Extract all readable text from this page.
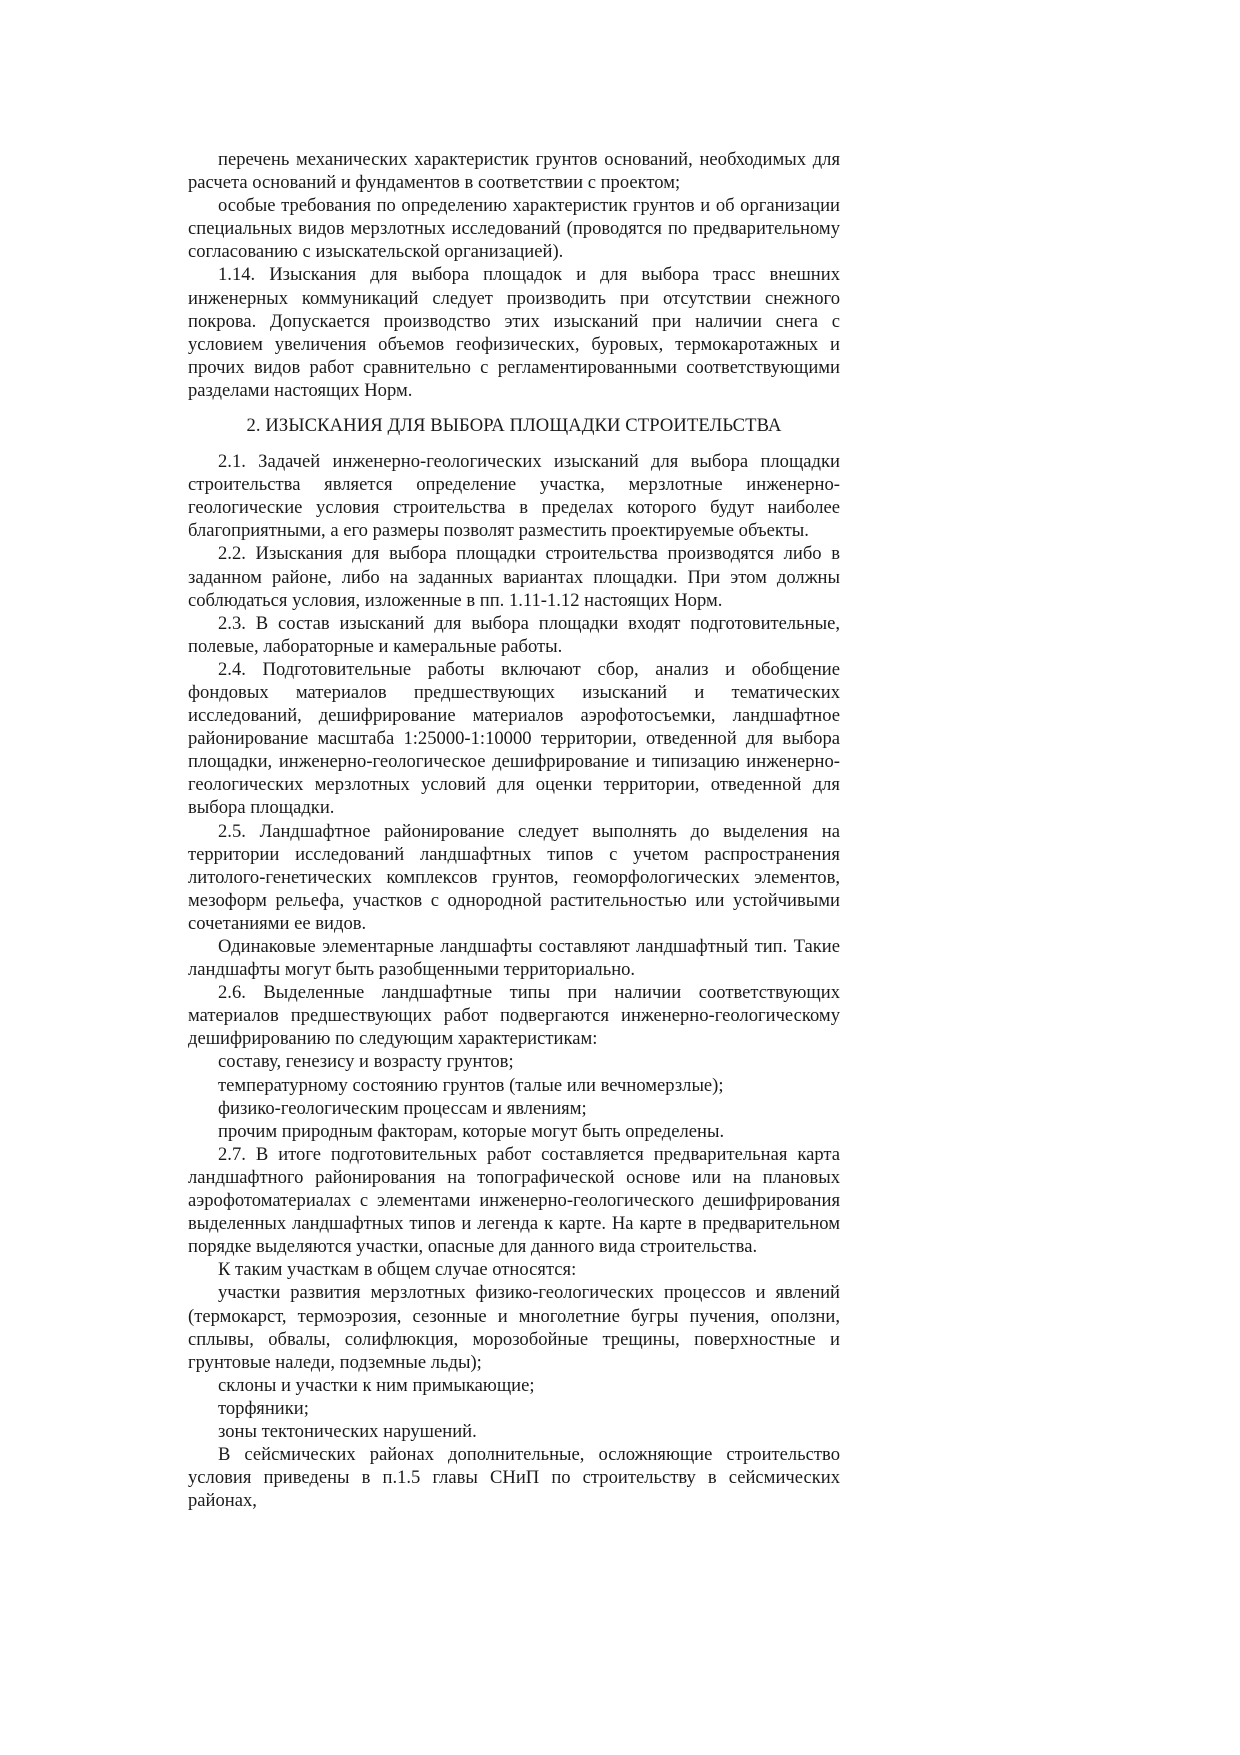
перечень механических характеристик грунтов оснований, необходимых для расчета оснований и фундаментов в соответствии с проектом;

особые требования по определению характеристик грунтов и об организации специальных видов мерзлотных исследований (проводятся по предварительному согласованию с изыскательской организацией).

1.14. Изыскания для выбора площадок и для выбора трасс внешних инженерных коммуникаций следует производить при отсутствии снежного покрова. Допускается производство этих изысканий при наличии снега с условием увеличения объемов геофизических, буровых, термокаротажных и прочих видов работ сравнительно с регламентированными соответствующими разделами настоящих Норм.

2. ИЗЫСКАНИЯ ДЛЯ ВЫБОРА ПЛОЩАДКИ СТРОИТЕЛЬСТВА

2.1. Задачей инженерно-геологических изысканий для выбора площадки строительства является определение участка, мерзлотные инженерно-геологические условия строительства в пределах которого будут наиболее благоприятными, а его размеры позволят разместить проектируемые объекты.

2.2. Изыскания для выбора площадки строительства производятся либо в заданном районе, либо на заданных вариантах площадки. При этом должны соблюдаться условия, изложенные в пп. 1.11-1.12 настоящих Норм.

2.3. В состав изысканий для выбора площадки входят подготовительные, полевые, лабораторные и камеральные работы.

2.4. Подготовительные работы включают сбор, анализ и обобщение фондовых материалов предшествующих изысканий и тематических исследований, дешифрирование материалов аэрофотосъемки, ландшафтное районирование масштаба 1:25000-1:10000 территории, отведенной для выбора площадки, инженерно-геологическое дешифрирование и типизацию инженерно-геологических мерзлотных условий для оценки территории, отведенной для выбора площадки.

2.5. Ландшафтное районирование следует выполнять до выделения на территории исследований ландшафтных типов с учетом распространения литолого-генетических комплексов грунтов, геоморфологических элементов, мезоформ рельефа, участков с однородной растительностью или устойчивыми сочетаниями ее видов.

Одинаковые элементарные ландшафты составляют ландшафтный тип. Такие ландшафты могут быть разобщенными территориально.

2.6. Выделенные ландшафтные типы при наличии соответствующих материалов предшествующих работ подвергаются инженерно-геологическому дешифрированию по следующим характеристикам:

составу, генезису и возрасту грунтов;

температурному состоянию грунтов (талые или вечномерзлые);

физико-геологическим процессам и явлениям;

прочим природным факторам, которые могут быть определены.

2.7. В итоге подготовительных работ составляется предварительная карта ландшафтного районирования на топографической основе или на плановых аэрофотоматериалах с элементами инженерно-геологического дешифрирования выделенных ландшафтных типов и легенда к карте. На карте в предварительном порядке выделяются участки, опасные для данного вида строительства.

К таким участкам в общем случае относятся:

участки развития мерзлотных физико-геологических процессов и явлений (термокарст, термоэрозия, сезонные и многолетние бугры пучения, оползни, сплывы, обвалы, солифлюкция, морозобойные трещины, поверхностные и грунтовые наледи, подземные льды);

склоны и участки к ним примыкающие;

торфяники;

зоны тектонических нарушений.

В сейсмических районах дополнительные, осложняющие строительство условия приведены в п.1.5 главы СНиП по строительству в сейсмических районах,
